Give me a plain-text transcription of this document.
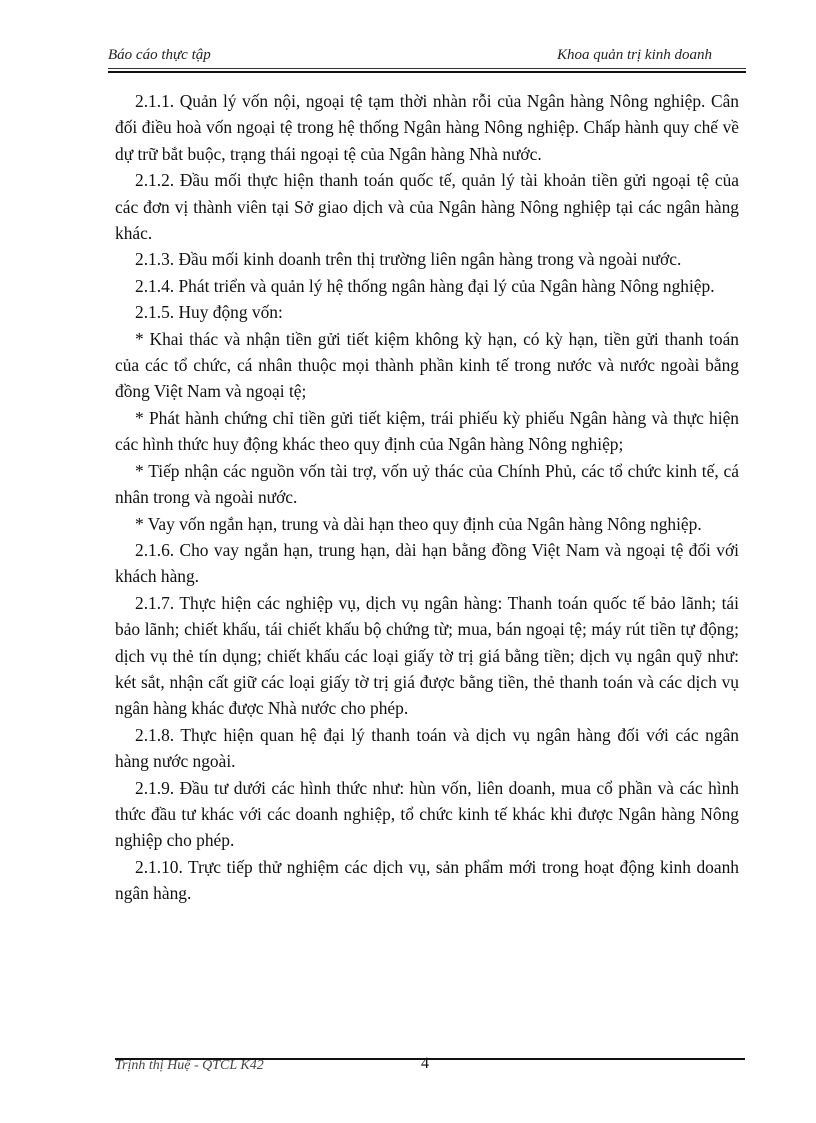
Báo cáo thực tập	Khoa quản trị kinh doanh

2.1.1. Quản lý vốn nội, ngoại tệ tạm thời nhàn rỗi của Ngân hàng Nông nghiệp. Cân đối điều hoà vốn ngoại tệ trong hệ thống Ngân hàng Nông nghiệp. Chấp hành quy chế về dự trữ bắt buộc, trạng thái ngoại tệ của Ngân hàng Nhà nước.

2.1.2. Đầu mối thực hiện thanh toán quốc tế, quản lý tài khoản tiền gửi ngoại tệ của các đơn vị thành viên tại Sở giao dịch và của Ngân hàng Nông nghiệp tại các ngân hàng khác.

2.1.3. Đầu mối kinh doanh trên thị trường liên ngân hàng trong và ngoài nước.

2.1.4. Phát triển và quản lý hệ thống ngân hàng đại lý của Ngân hàng Nông nghiệp.

2.1.5. Huy động vốn:

* Khai thác và nhận tiền gửi tiết kiệm không kỳ hạn, có kỳ hạn, tiền gửi thanh toán của các tổ chức, cá nhân thuộc mọi thành phần kinh tế trong nước và nước ngoài bằng đồng Việt Nam và ngoại tệ;

* Phát hành chứng chỉ tiền gửi tiết kiệm, trái phiếu kỳ phiếu Ngân hàng và thực hiện các hình thức huy động khác theo quy định của Ngân hàng Nông nghiệp;

* Tiếp nhận các nguồn vốn tài trợ, vốn uỷ thác của Chính Phủ, các tổ chức kinh tế, cá nhân trong và ngoài nước.

* Vay vốn ngắn hạn, trung và dài hạn theo quy định của Ngân hàng Nông nghiệp.

2.1.6. Cho vay ngắn hạn, trung hạn, dài hạn bằng đồng Việt Nam và ngoại tệ đối với khách hàng.

2.1.7. Thực hiện các nghiệp vụ, dịch vụ ngân hàng: Thanh toán quốc tế bảo lãnh; tái bảo lãnh; chiết khấu, tái chiết khấu bộ chứng từ; mua, bán ngoại tệ; máy rút tiền tự động; dịch vụ thẻ tín dụng; chiết khấu các loại giấy tờ trị giá bằng tiền; dịch vụ ngân quỹ như: két sắt, nhận cất giữ các loại giấy tờ trị giá được bằng tiền, thẻ thanh toán và các dịch vụ ngân hàng khác được Nhà nước cho phép.

2.1.8. Thực hiện quan hệ đại lý thanh toán và dịch vụ ngân hàng đối với các ngân hàng nước ngoài.

2.1.9. Đầu tư dưới các hình thức như: hùn vốn, liên doanh, mua cổ phần và các hình thức đầu tư khác với các doanh nghiệp, tổ chức kinh tế khác khi được Ngân hàng Nông nghiệp cho phép.

2.1.10. Trực tiếp thử nghiệm các dịch vụ, sản phẩm mới trong hoạt động kinh doanh ngân hàng.

Trịnh thị Huệ - QTCL K42	4
